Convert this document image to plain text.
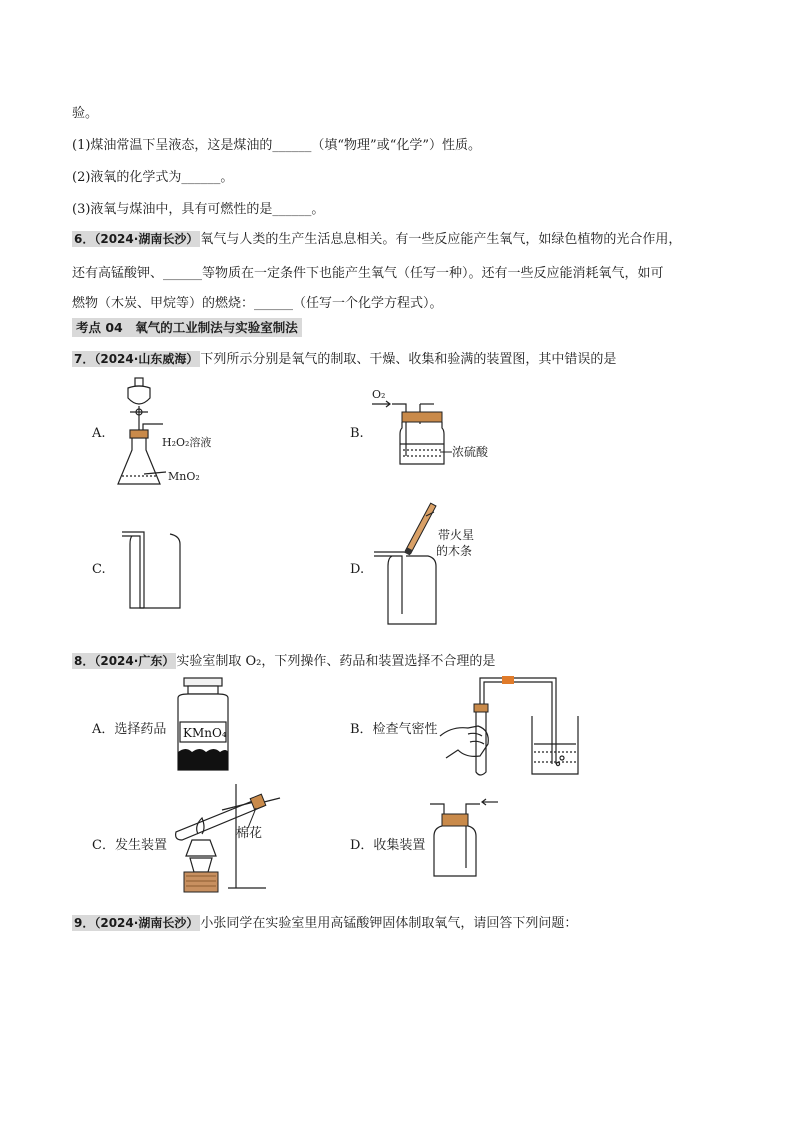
验。
(1)煤油常温下呈液态，这是煤油的______（填“物理”或“化学”）性质。
(2)液氧的化学式为______。
(3)液氧与煤油中，具有可燃性的是______。
6．（2024·湖南长沙） 氧气与人类的生产生活息息相关。有一些反应能产生氧气，如绿色植物的光合作用，
还有高锰酸钾、______等物质在一定条件下也能产生氧气（任写一种）。还有一些反应能消耗氧气，如可
燃物（木炭、甲烷等）的燃烧：______（任写一个化学方程式）。
考点 04　氧气的工业制法与实验室制法
7．（2024·山东威海） 下列所示分别是氧气的制取、干燥、收集和验满的装置图，其中错误的是
A.	B.
C.	D.
H₂O₂溶液
MnO₂
O₂
浓硫酸
带火星
的木条
8．（2024·广东） 实验室制取 O₂，下列操作、药品和装置选择不合理的是
A．选择药品	B．检查气密性
C．发生装置	D．收集装置
KMnO₄
棉花
9．（2024·湖南长沙） 小张同学在实验室里用高锰酸钾固体制取氧气，请回答下列问题：
